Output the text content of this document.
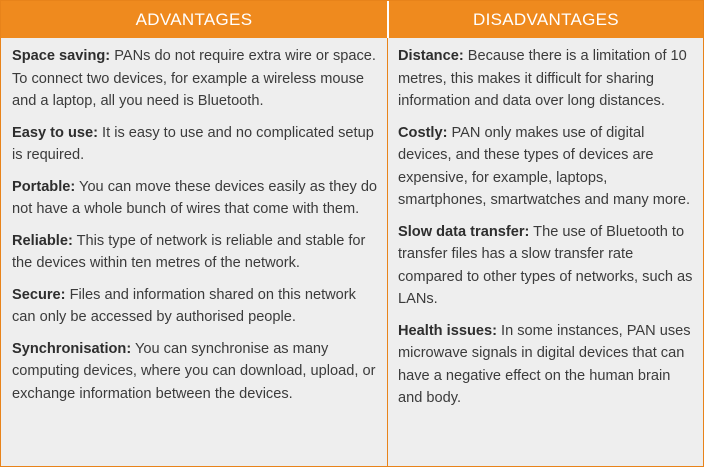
ADVANTAGES	DISADVANTAGES

Space saving: PANs do not require extra wire or space. To connect two devices, for example a wireless mouse and a laptop, all you need is Bluetooth.

Easy to use: It is easy to use and no complicated setup is required.

Portable: You can move these devices easily as they do not have a whole bunch of wires that come with them.

Reliable: This type of network is reliable and stable for the devices within ten metres of the network.

Secure: Files and information shared on this network can only be accessed by authorised people.

Synchronisation: You can synchronise as many computing devices, where you can download, upload, or exchange information between the devices.

Distance: Because there is a limitation of 10 metres, this makes it difficult for sharing information and data over long distances.

Costly: PAN only makes use of digital devices, and these types of devices are expensive, for example, laptops, smartphones, smartwatches and many more.

Slow data transfer: The use of Bluetooth to transfer files has a slow transfer rate compared to other types of networks, such as LANs.

Health issues: In some instances, PAN uses microwave signals in digital devices that can have a negative effect on the human brain and body.
